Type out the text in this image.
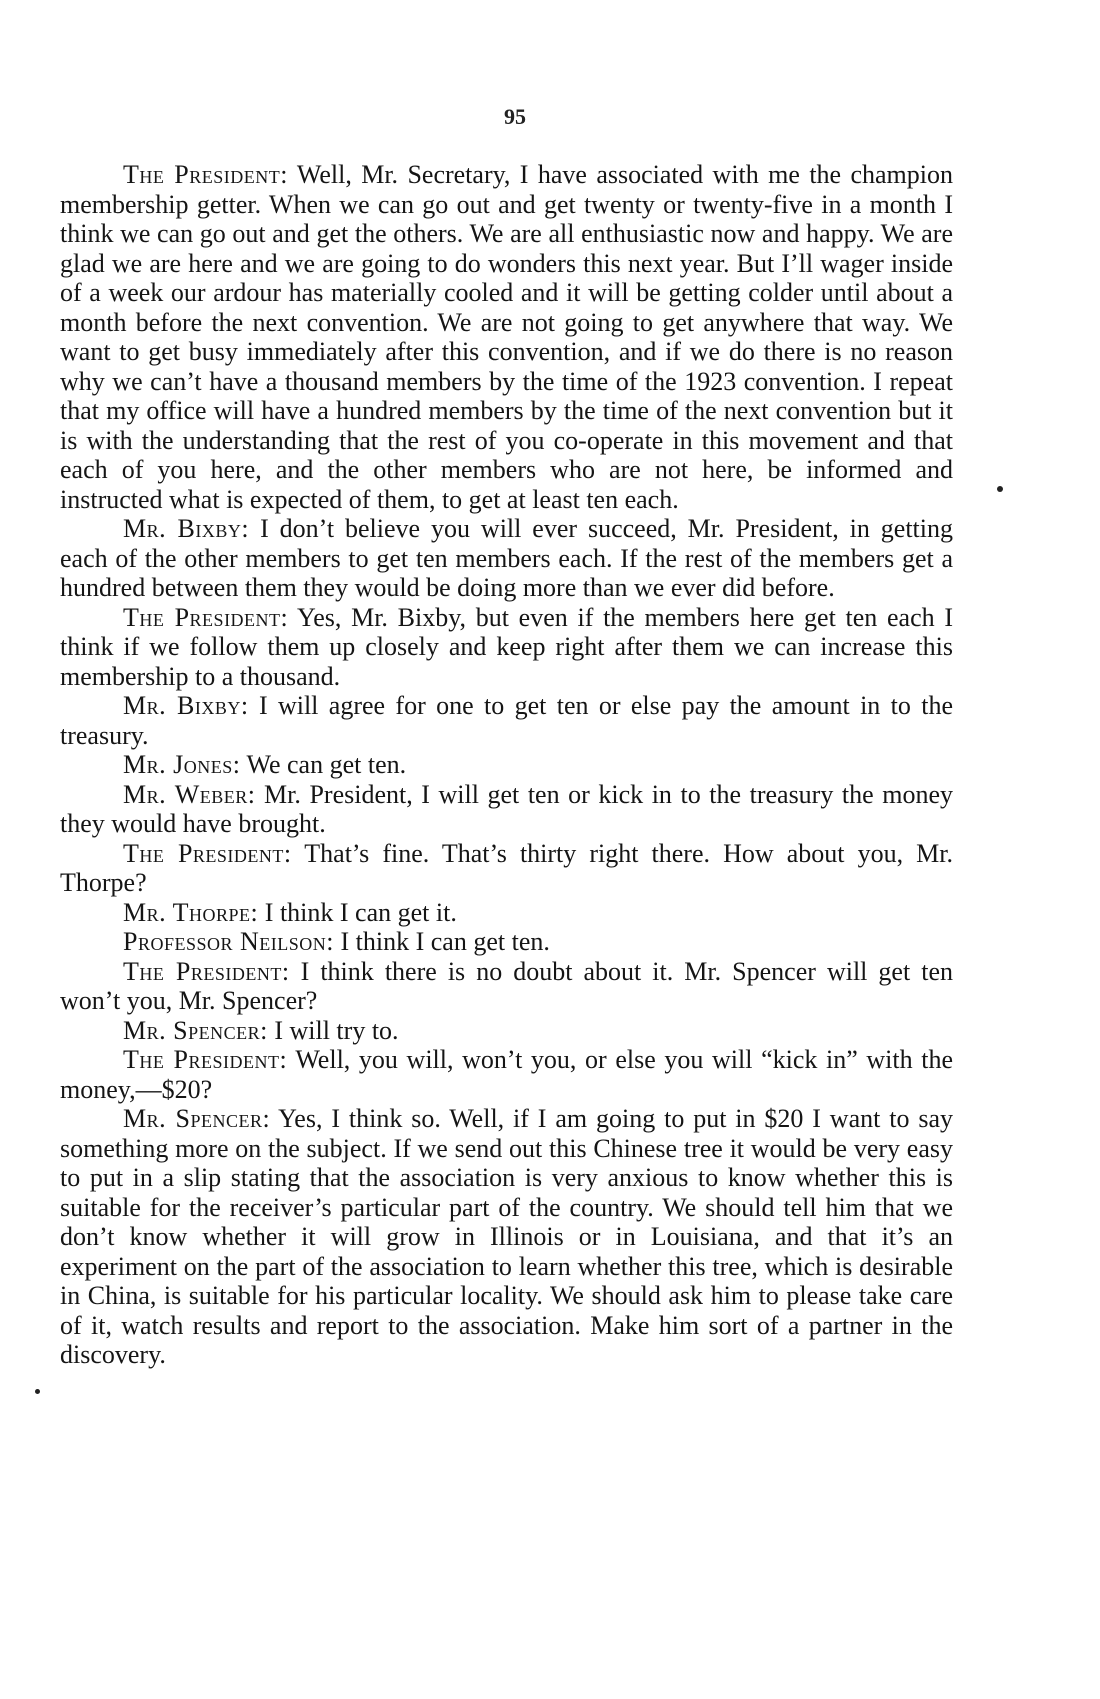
95

The President: Well, Mr. Secretary, I have associated with me the champion membership getter. When we can go out and get twenty or twenty-five in a month I think we can go out and get the others. We are all enthusiastic now and happy. We are glad we are here and we are going to do wonders this next year. But I’ll wager inside of a week our ardour has materially cooled and it will be getting colder until about a month before the next convention. We are not going to get anywhere that way. We want to get busy immediately after this convention, and if we do there is no reason why we can’t have a thousand members by the time of the 1923 convention. I repeat that my office will have a hundred members by the time of the next convention but it is with the understanding that the rest of you co-operate in this movement and that each of you here, and the other members who are not here, be informed and instructed what is expected of them, to get at least ten each.

Mr. Bixby: I don’t believe you will ever succeed, Mr. President, in getting each of the other members to get ten members each. If the rest of the members get a hundred between them they would be doing more than we ever did before.

The President: Yes, Mr. Bixby, but even if the members here get ten each I think if we follow them up closely and keep right after them we can increase this membership to a thousand.

Mr. Bixby: I will agree for one to get ten or else pay the amount in to the treasury.

Mr. Jones: We can get ten.

Mr. Weber: Mr. President, I will get ten or kick in to the treasury the money they would have brought.

The President: That’s fine. That’s thirty right there. How about you, Mr. Thorpe?

Mr. Thorpe: I think I can get it.

Professor Neilson: I think I can get ten.

The President: I think there is no doubt about it. Mr. Spencer will get ten won’t you, Mr. Spencer?

Mr. Spencer: I will try to.

The President: Well, you will, won’t you, or else you will “kick in” with the money,—$20?

Mr. Spencer: Yes, I think so. Well, if I am going to put in $20 I want to say something more on the subject. If we send out this Chinese tree it would be very easy to put in a slip stating that the association is very anxious to know whether this is suitable for the receiver’s particular part of the country. We should tell him that we don’t know whether it will grow in Illinois or in Louisiana, and that it’s an experiment on the part of the association to learn whether this tree, which is desirable in China, is suitable for his particular locality. We should ask him to please take care of it, watch results and report to the association. Make him sort of a partner in the discovery.
